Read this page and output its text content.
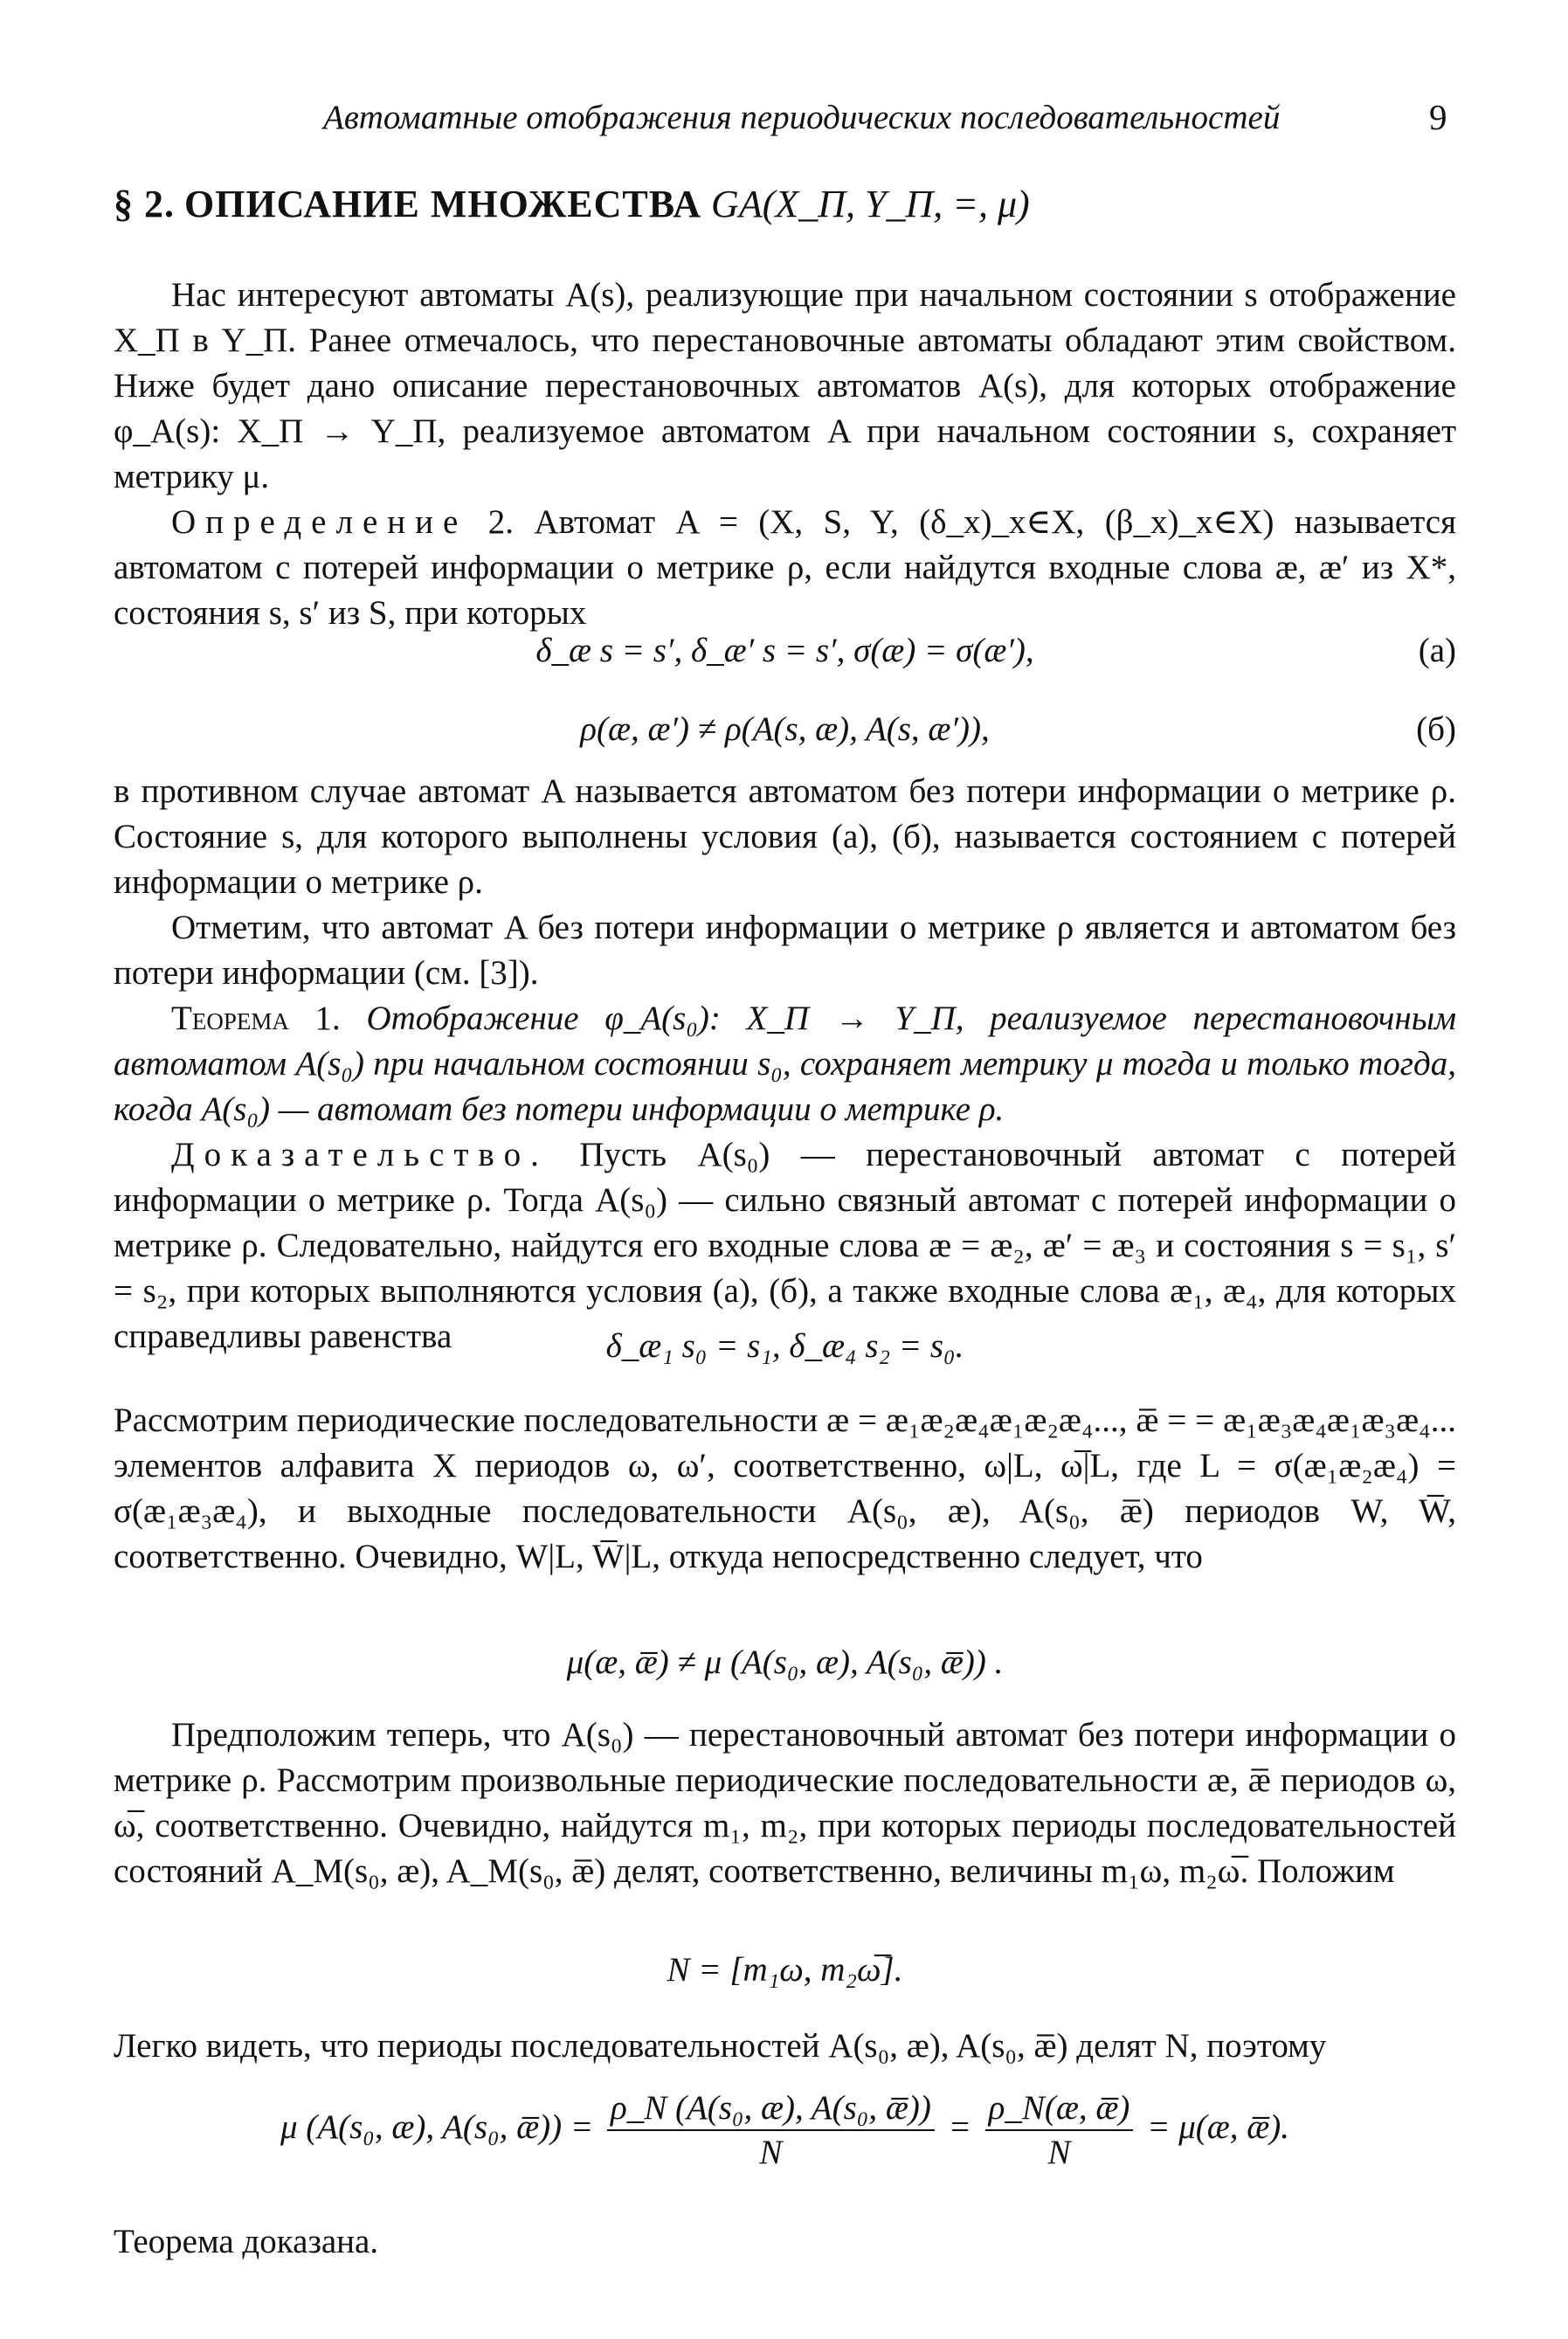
Автоматные отображения периодических последовательностей	9
§ 2. ОПИСАНИЕ МНОЖЕСТВА GA(X_П, Y_П, =, μ)
Нас интересуют автоматы A(s), реализующие при начальном состоянии s отображение X_П в Y_П. Ранее отмечалось, что перестановочные автоматы обладают этим свойством. Ниже будет дано описание перестановочных автоматов A(s), для которых отображение φ_A(s): X_П → Y_П, реализуемое автоматом A при начальном состоянии s, сохраняет метрику μ.
Определение 2. Автомат A = (X, S, Y, (δ_x)_x∈X, (β_x)_x∈X) называется автоматом с потерей информации о метрике ρ, если найдутся входные слова æ, æ′ из X*, состояния s, s′ из S, при которых
δ_æ s = s′, δ_æ′ s = s′, σ(æ) = σ(æ′),	(а)
ρ(æ, æ′) ≠ ρ(A(s, æ), A(s, æ′)),	(б)
в противном случае автомат A называется автоматом без потери информации о метрике ρ. Состояние s, для которого выполнены условия (а), (б), называется состоянием с потерей информации о метрике ρ.
Отметим, что автомат A без потери информации о метрике ρ является и автоматом без потери информации (см. [3]).
Теорема 1. Отображение φ_A(s₀): X_П → Y_П, реализуемое перестановочным автоматом A(s₀) при начальном состоянии s₀, сохраняет метрику μ тогда и только тогда, когда A(s₀) — автомат без потери информации о метрике ρ.
Доказательство. Пусть A(s₀) — перестановочный автомат с потерей информации о метрике ρ. Тогда A(s₀) — сильно связный автомат с потерей информации о метрике ρ. Следовательно, найдутся его входные слова æ = æ₂, æ′ = æ₃ и состояния s = s₁, s′ = s₂, при которых выполняются условия (а), (б), а также входные слова æ₁, æ₄, для которых справедливы равенства	δ_æ₁ s₀ = s₁, δ_æ₄ s₂ = s₀.
Рассмотрим периодические последовательности æ = æ₁æ₂æ₄æ₁æ₂æ₄..., æ̅ = = æ₁æ₃æ₄æ₁æ₃æ₄... элементов алфавита X периодов ω, ω′, соответственно, ω|L, ω̅|L, где L = σ(æ₁æ₂æ₄) = σ(æ₁æ₃æ₄), и выходные последовательности A(s₀, æ), A(s₀, æ̅) периодов W, W̅, соответственно. Очевидно, W|L, W̅|L, откуда непосредственно следует, что
μ(æ, æ̅) ≠ μ (A(s₀, æ), A(s₀, æ̅)) .
Предположим теперь, что A(s₀) — перестановочный автомат без потери информации о метрике ρ. Рассмотрим произвольные периодические последовательности æ, æ̅ периодов ω, ω̅, соответственно. Очевидно, найдутся m₁, m₂, при которых периоды последовательностей состояний A_M(s₀, æ), A_M(s₀, æ̅) делят, соответственно, величины m₁ω, m₂ω̅. Положим
N = [m₁ω, m₂ω̅].
Легко видеть, что периоды последовательностей A(s₀, æ), A(s₀, æ̅) делят N, поэтому
μ (A(s₀, æ), A(s₀, æ̅)) = $\frac{\text{ρ\_N (A(s₀, æ), A(s₀, æ̅))}}{N} = \frac{\rho\_N(æ, æ̅)}{N}$ = μ(æ, æ̅).
Теорема доказана.
